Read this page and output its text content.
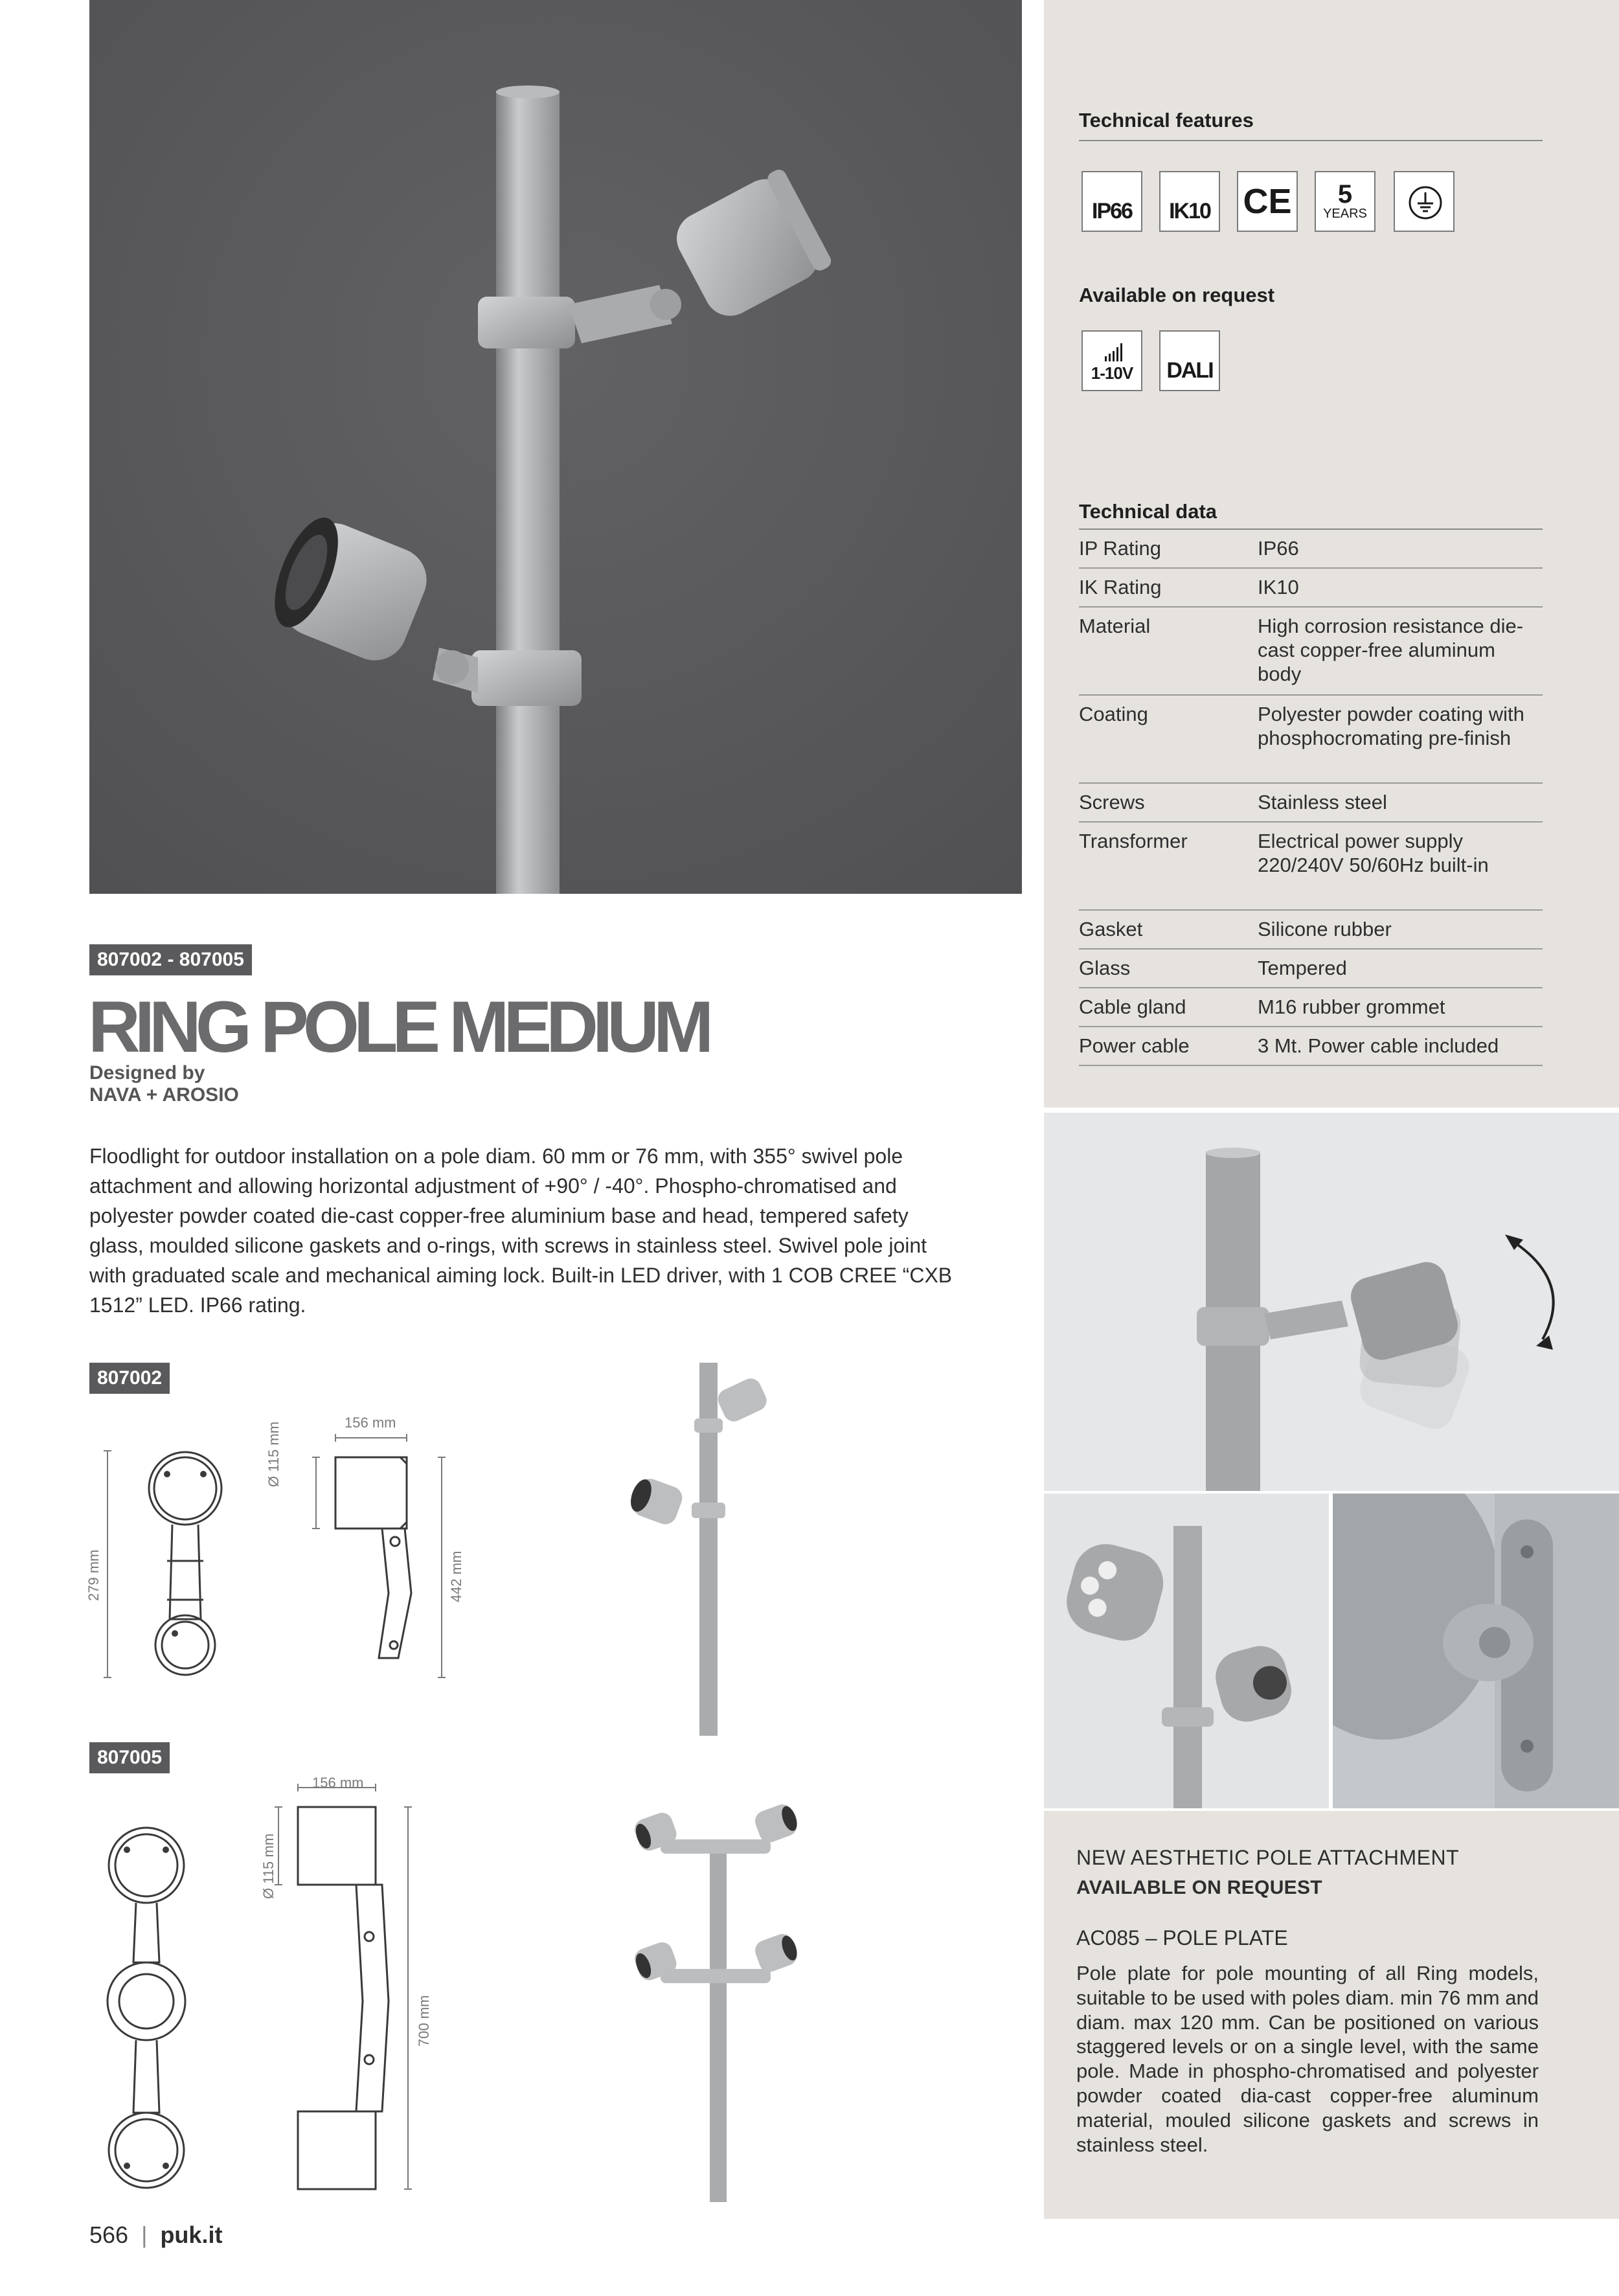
Technical features
IP66 IK10 CE 5
YEARS
Available on request
1-10V DALI
Technical data
IP Rating	IP66
IK Rating	IK10
Material	High corrosion resistance die-cast copper-free aluminum body
Coating	Polyester powder coating with phosphocromating pre-finish
Screws	Stainless steel
Transformer	Electrical power supply 220/240V 50/60Hz built-in
Gasket	Silicone rubber
Glass	Tempered
Cable gland	M16 rubber grommet
Power cable	3 Mt. Power cable included
807002 - 807005
RING POLE MEDIUM
Designed by
NAVA + AROSIO
Floodlight for outdoor installation on a pole diam. 60 mm or 76 mm, with 355° swivel pole attachment and allowing horizontal adjustment of +90° / -40°. Phospho-chromatised and polyester powder coated die-cast copper-free aluminium base and head, tempered safety glass, moulded silicone gaskets and o-rings, with screws in stainless steel. Swivel pole joint with graduated scale and mechanical aiming lock. Built-in LED driver, with 1 COB CREE “CXB 1512” LED. IP66 rating.
807002
156 mm
Ø 115 mm
279 mm	442 mm
807005
156 mm
Ø 115 mm
700 mm
NEW AESTHETIC POLE ATTACHMENT
AVAILABLE ON REQUEST
AC085 – POLE PLATE
Pole plate for pole mounting of all Ring models, suitable to be used with poles diam. min 76 mm and diam. max 120 mm. Can be positioned on various staggered levels or on a single level, with the same pole. Made in phospho-chromatised and polyester powder coated dia-cast copper-free aluminum material, mouled silicone gaskets and screws in stainless steel.
566 | puk.it
